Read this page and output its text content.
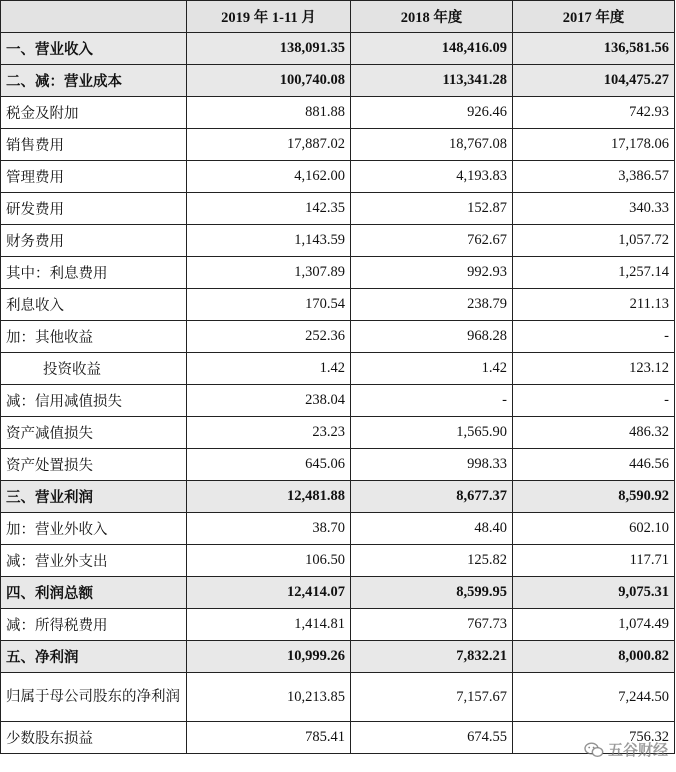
	2019 年 1-11 月	2018 年度	2017 年度
一、营业收入	138,091.35	148,416.09	136,581.56
二、减：营业成本	100,740.08	113,341.28	104,475.27
税金及附加	881.88	926.46	742.93
销售费用	17,887.02	18,767.08	17,178.06
管理费用	4,162.00	4,193.83	3,386.57
研发费用	142.35	152.87	340.33
财务费用	1,143.59	762.67	1,057.72
其中：利息费用	1,307.89	992.93	1,257.14
利息收入	170.54	238.79	211.13
加：其他收益	252.36	968.28	-
投资收益	1.42	1.42	123.12
减：信用减值损失	238.04	-	-
资产减值损失	23.23	1,565.90	486.32
资产处置损失	645.06	998.33	446.56
三、营业利润	12,481.88	8,677.37	8,590.92
加：营业外收入	38.70	48.40	602.10
减：营业外支出	106.50	125.82	117.71
四、利润总额	12,414.07	8,599.95	9,075.31
减：所得税费用	1,414.81	767.73	1,074.49
五、净利润	10,999.26	7,832.21	8,000.82
归属于母公司股东的净利润	10,213.85	7,157.67	7,244.50
少数股东损益	785.41	674.55	756.32
五谷财经
